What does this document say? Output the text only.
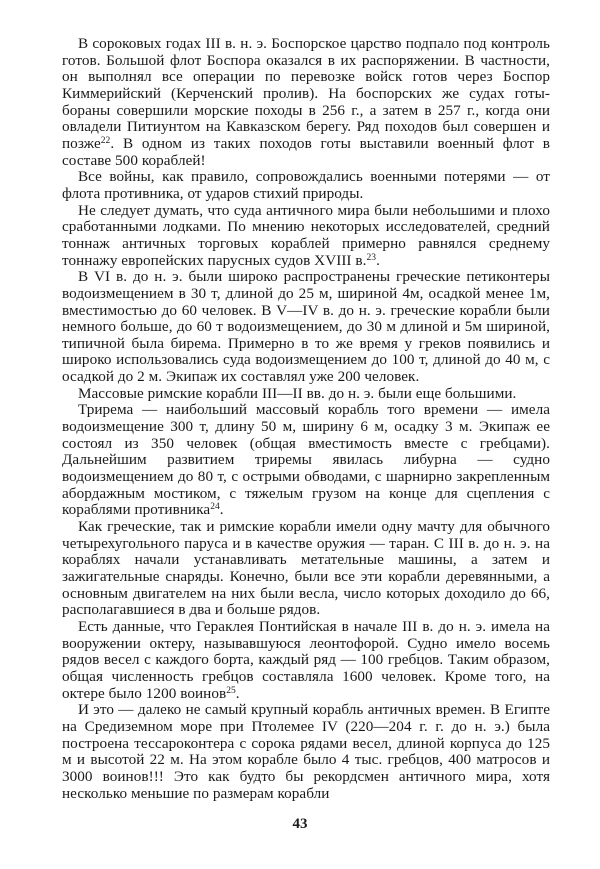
В сороковых годах III в. н. э. Боспорское царство подпало под контроль готов. Большой флот Боспора оказался в их распоряжении. В частности, он выполнял все операции по перевозке войск готов через Боспор Киммерийский (Керченский пролив). На боспорских же судах готы-бораны совершили морские походы в 256 г., а затем в 257 г., когда они овладели Питиунтом на Кавказском берегу. Ряд походов был совершен и позже$^{22}$. В одном из таких походов готы выставили военный флот в составе 500 кораблей!

Все войны, как правило, сопровождались военными потерями — от флота противника, от ударов стихий природы.

Не следует думать, что суда античного мира были небольшими и плохо сработанными лодками. По мнению некоторых исследователей, средний тоннаж античных торговых кораблей примерно равнялся среднему тоннажу европейских парусных судов XVIII в.$^{23}$.

В VI в. до н. э. были широко распространены греческие петиконтеры водоизмещением в 30 т, длиной до 25 м, шириной 4м, осадкой менее 1м, вместимостью до 60 человек. В V—IV в. до н. э. греческие корабли были немного больше, до 60 т водоизмещением, до 30 м длиной и 5м шириной, типичной была бирема. Примерно в то же время у греков появились и широко использовались суда водоизмещением до 100 т, длиной до 40 м, с осадкой до 2 м. Экипаж их составлял уже 200 человек.

Массовые римские корабли III—II вв. до н. э. были еще большими.

Трирема — наибольший массовый корабль того времени — имела водоизмещение 300 т, длину 50 м, ширину 6 м, осадку 3 м. Экипаж ее состоял из 350 человек (общая вместимость вместе с гребцами). Дальнейшим развитием триремы явилась либурна — судно водоизмещением до 80 т, с острыми обводами, с шарнирно закрепленным абордажным мостиком, с тяжелым грузом на конце для сцепления с кораблями противника$^{24}$.

Как греческие, так и римские корабли имели одну мачту для обычного четырехугольного паруса и в качестве оружия — таран. С III в. до н. э. на кораблях начали устанавливать метательные машины, а затем и зажигательные снаряды. Конечно, были все эти корабли деревянными, а основным двигателем на них были весла, число которых доходило до 66, располагавшиеся в два и больше рядов.

Есть данные, что Гераклея Понтийская в начале III в. до н. э. имела на вооружении октеру, называвшуюся леонтофорой. Судно имело восемь рядов весел с каждого борта, каждый ряд — 100 гребцов. Таким образом, общая численность гребцов составляла 1600 человек. Кроме того, на октере было 1200 воинов$^{25}$.

И это — далеко не самый крупный корабль античных времен. В Египте на Средиземном море при Птолемее IV (220—204 г. г. до н. э.) была построена тессароконтера с сорока рядами весел, длиной корпуса до 125 м и высотой 22 м. На этом корабле было 4 тыс. гребцов, 400 матросов и 3000 воинов!!! Это как будто бы рекордсмен античного мира, хотя несколько меньшие по размерам корабли

43
